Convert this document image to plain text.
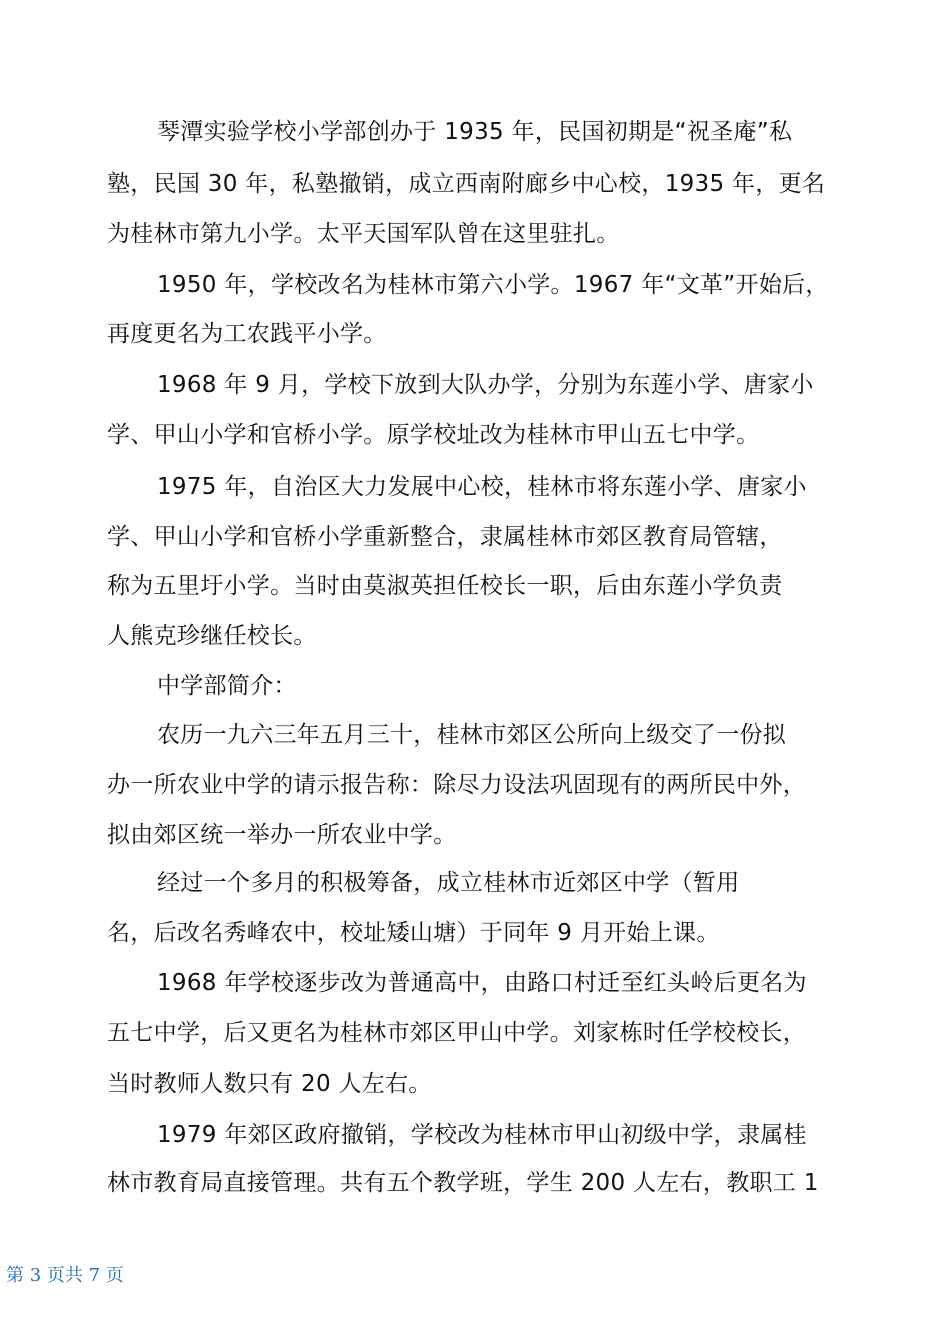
琴潭实验学校小学部创办于 1935 年，民国初期是“祝圣庵”私
塾，民国 30 年，私塾撤销，成立西南附廊乡中心校，1935 年，更名
为桂林市第九小学。太平天国军队曾在这里驻扎。
1950 年，学校改名为桂林市第六小学。1967 年“文革”开始后，
再度更名为工农践平小学。
1968 年 9 月，学校下放到大队办学，分别为东莲小学、唐家小
学、甲山小学和官桥小学。原学校址改为桂林市甲山五七中学。
1975 年，自治区大力发展中心校，桂林市将东莲小学、唐家小
学、甲山小学和官桥小学重新整合，隶属桂林市郊区教育局管辖，
称为五里圩小学。当时由莫淑英担任校长一职，后由东莲小学负责
人熊克珍继任校长。
中学部简介：
农历一九六三年五月三十，桂林市郊区公所向上级交了一份拟
办一所农业中学的请示报告称：除尽力设法巩固现有的两所民中外，
拟由郊区统一举办一所农业中学。
经过一个多月的积极筹备，成立桂林市近郊区中学（暂用
名，后改名秀峰农中，校址矮山塘）于同年 9 月开始上课。
1968 年学校逐步改为普通高中，由路口村迁至红头岭后更名为
五七中学，后又更名为桂林市郊区甲山中学。刘家栋时任学校校长，
当时教师人数只有 20 人左右。
1979 年郊区政府撤销，学校改为桂林市甲山初级中学，隶属桂
林市教育局直接管理。共有五个教学班，学生 200 人左右，教职工 1
第 3 页共 7 页
